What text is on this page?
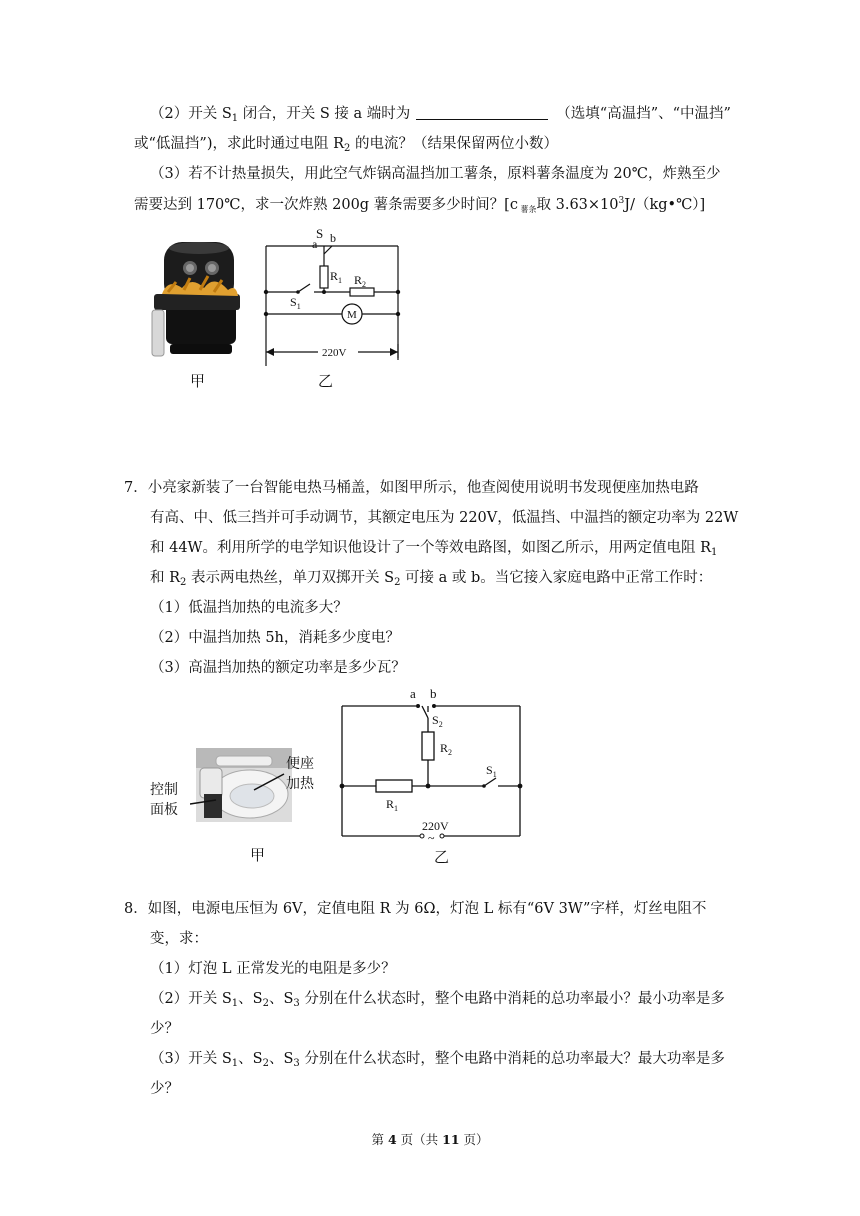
（2）开关 $S_1$ 闭合，开关 S 接 a 端时为	（选填“高温挡”、“中温挡”
或“低温挡”)，求此时通过电阻 $R_2$ 的电流？（结果保留两位小数）
（3）若不计热量损失，用此空气炸锅高温挡加工薯条，原料薯条温度为 20℃，炸熟至少
需要达到 170℃，求一次炸熟 200g 薯条需要多少时间？[c $_{薯条}$取 $3.63\times 10^3J/(kg•℃)$]
甲
S
a b
$R_1$ $R_2$
$S_1$
M
220V
乙
7．小亮家新装了一台智能电热马桶盖，如图甲所示，他查阅使用说明书发现便座加热电路
有高、中、低三挡并可手动调节，其额定电压为 220V，低温挡、中温挡的额定功率为 22W
和 44W。利用所学的电学知识他设计了一个等效电路图，如图乙所示，用两定值电阻 $R_1$
和 $R_2$ 表示两电热丝，单刀双掷开关 $S_2$ 可接 a 或 b。当它接入家庭电路中正常工作时：
（1）低温挡加热的电流多大？
（2）中温挡加热 5h，消耗多少度电？
（3）高温挡加热的额定功率是多少瓦？
控制
面板
便座
加热
甲
a b
$S_2$
$R_2$
$S_1$
$R_1$
220V
~
乙
8．如图，电源电压恒为 6V，定值电阻 R 为 6Ω，灯泡 L 标有“6V 3W”字样，灯丝电阻不
变，求：
（1）灯泡 L 正常发光的电阻是多少？
（2）开关 $S_1$、$S_2$、$S_3$ 分别在什么状态时，整个电路中消耗的总功率最小？最小功率是多
少？
（3）开关 $S_1$、$S_2$、$S_3$ 分别在什么状态时，整个电路中消耗的总功率最大？最大功率是多
少？
第 4 页（共 11 页）
